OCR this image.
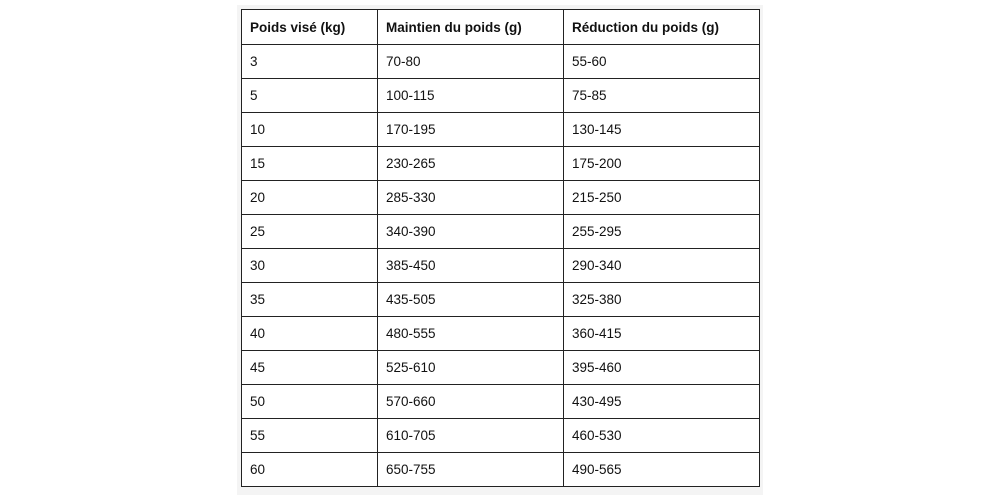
Poids visé (kg)	Maintien du poids (g)	Réduction du poids (g)
3	70-80	55-60
5	100-115	75-85
10	170-195	130-145
15	230-265	175-200
20	285-330	215-250
25	340-390	255-295
30	385-450	290-340
35	435-505	325-380
40	480-555	360-415
45	525-610	395-460
50	570-660	430-495
55	610-705	460-530
60	650-755	490-565
